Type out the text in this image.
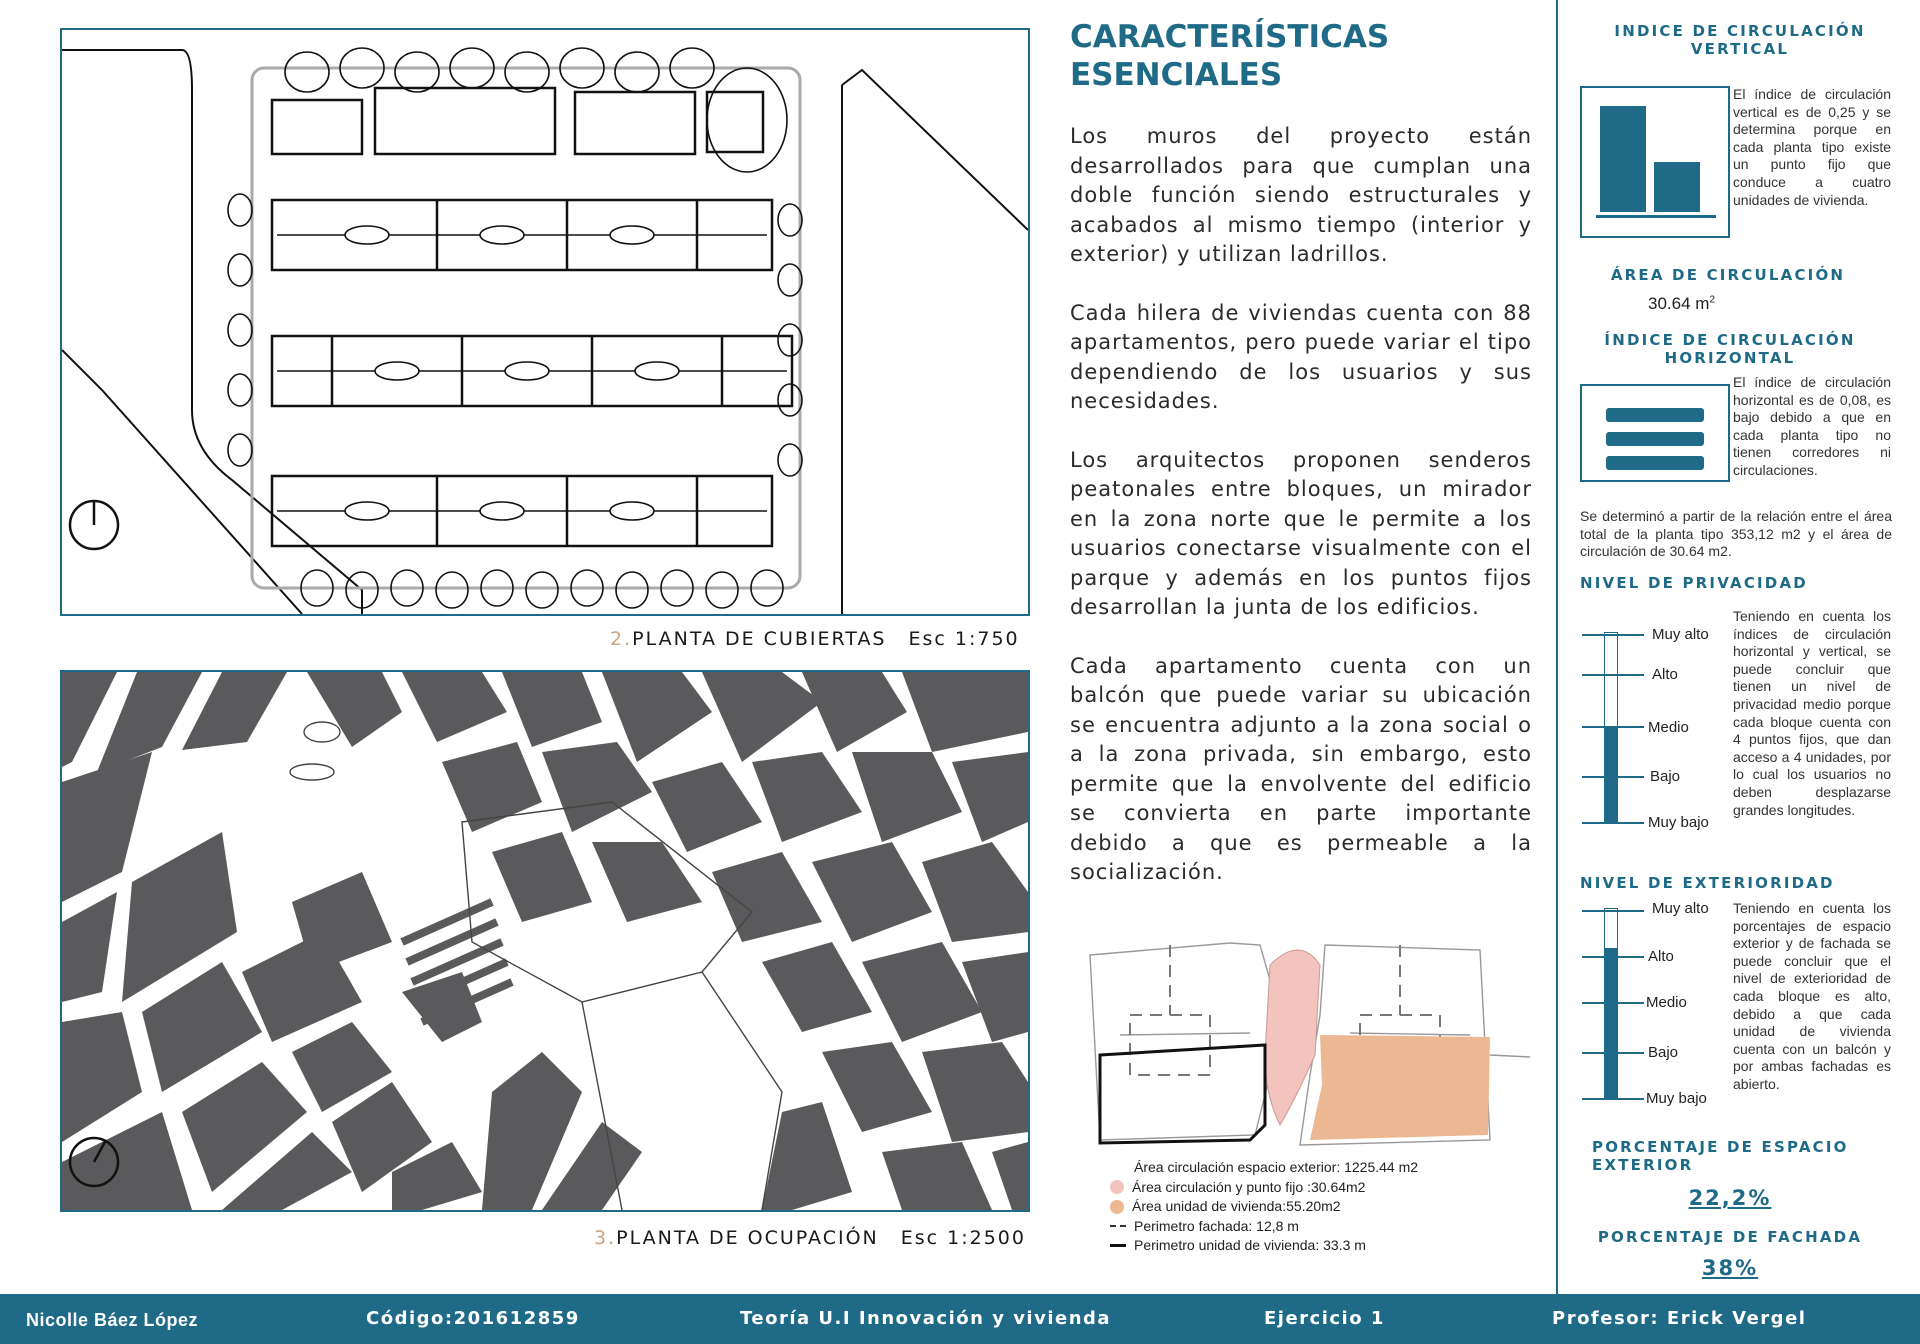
2.PLANTA DE CUBIERTAS Esc 1:750
3.PLANTA DE OCUPACIÓN Esc 1:2500
CARACTERÍSTICAS
ESENCIALES

Los muros del proyecto están desarrollados para que cumplan una doble función siendo estructurales y acabados al mismo tiempo (interior y exterior) y utilizan ladrillos.

Cada hilera de viviendas cuenta con 88 apartamentos, pero puede variar el tipo dependiendo de los usuarios y sus necesidades.

Los arquitectos proponen senderos peatonales entre bloques, un mirador en la zona norte que le permite a los usuarios conectarse visualmente con el parque y además en los puntos fijos desarrollan la junta de los edificios.

Cada apartamento cuenta con un balcón que puede variar su ubicación se encuentra adjunto a la zona social o a la zona privada, sin embargo, esto permite que la envolvente del edificio se convierta en parte importante debido a que es permeable a la socialización.

Área circulación espacio exterior: 1225.44 m2
Área circulación y punto fijo :30.64m2
Área unidad de vivienda:55.20m2
Perimetro fachada: 12,8 m
Perimetro unidad de vivienda: 33.3 m
INDICE DE CIRCULACIÓN VERTICAL
El índice de circulación vertical es de 0,25 y se determina porque en cada planta tipo existe un punto fijo que conduce a cuatro unidades de vivienda.
ÁREA DE CIRCULACIÓN
30.64 $m^2$
ÍNDICE DE CIRCULACIÓN HORIZONTAL
El índice de circulación horizontal es de 0,08, es bajo debido a que en cada planta tipo no tienen corredores ni circulaciones.
Se determinó a partir de la relación entre el área total de la planta tipo 353,12 m2 y el área de circulación de 30.64 m2.
NIVEL DE PRIVACIDAD
Muy alto
Alto
Medio
Bajo
Muy bajo
Teniendo en cuenta los índices de circulación horizontal y vertical, se puede concluir que tienen un nivel de privacidad medio porque cada bloque cuenta con 4 puntos fijos, que dan acceso a 4 unidades, por lo cual los usuarios no deben desplazarse grandes longitudes.
NIVEL DE EXTERIORIDAD
Muy alto
Alto
Medio
Bajo
Muy bajo
Teniendo en cuenta los porcentajes de espacio exterior y de fachada se puede concluir que el nivel de exterioridad de cada bloque es alto, debido a que cada unidad de vivienda cuenta con un balcón y por ambas fachadas es abierto.
PORCENTAJE DE ESPACIO EXTERIOR
22,2%
PORCENTAJE DE FACHADA
38%
Nicolle Báez López	Código:201612859	Teoría U.I Innovación y vivienda	Ejercicio 1	Profesor: Erick Vergel
